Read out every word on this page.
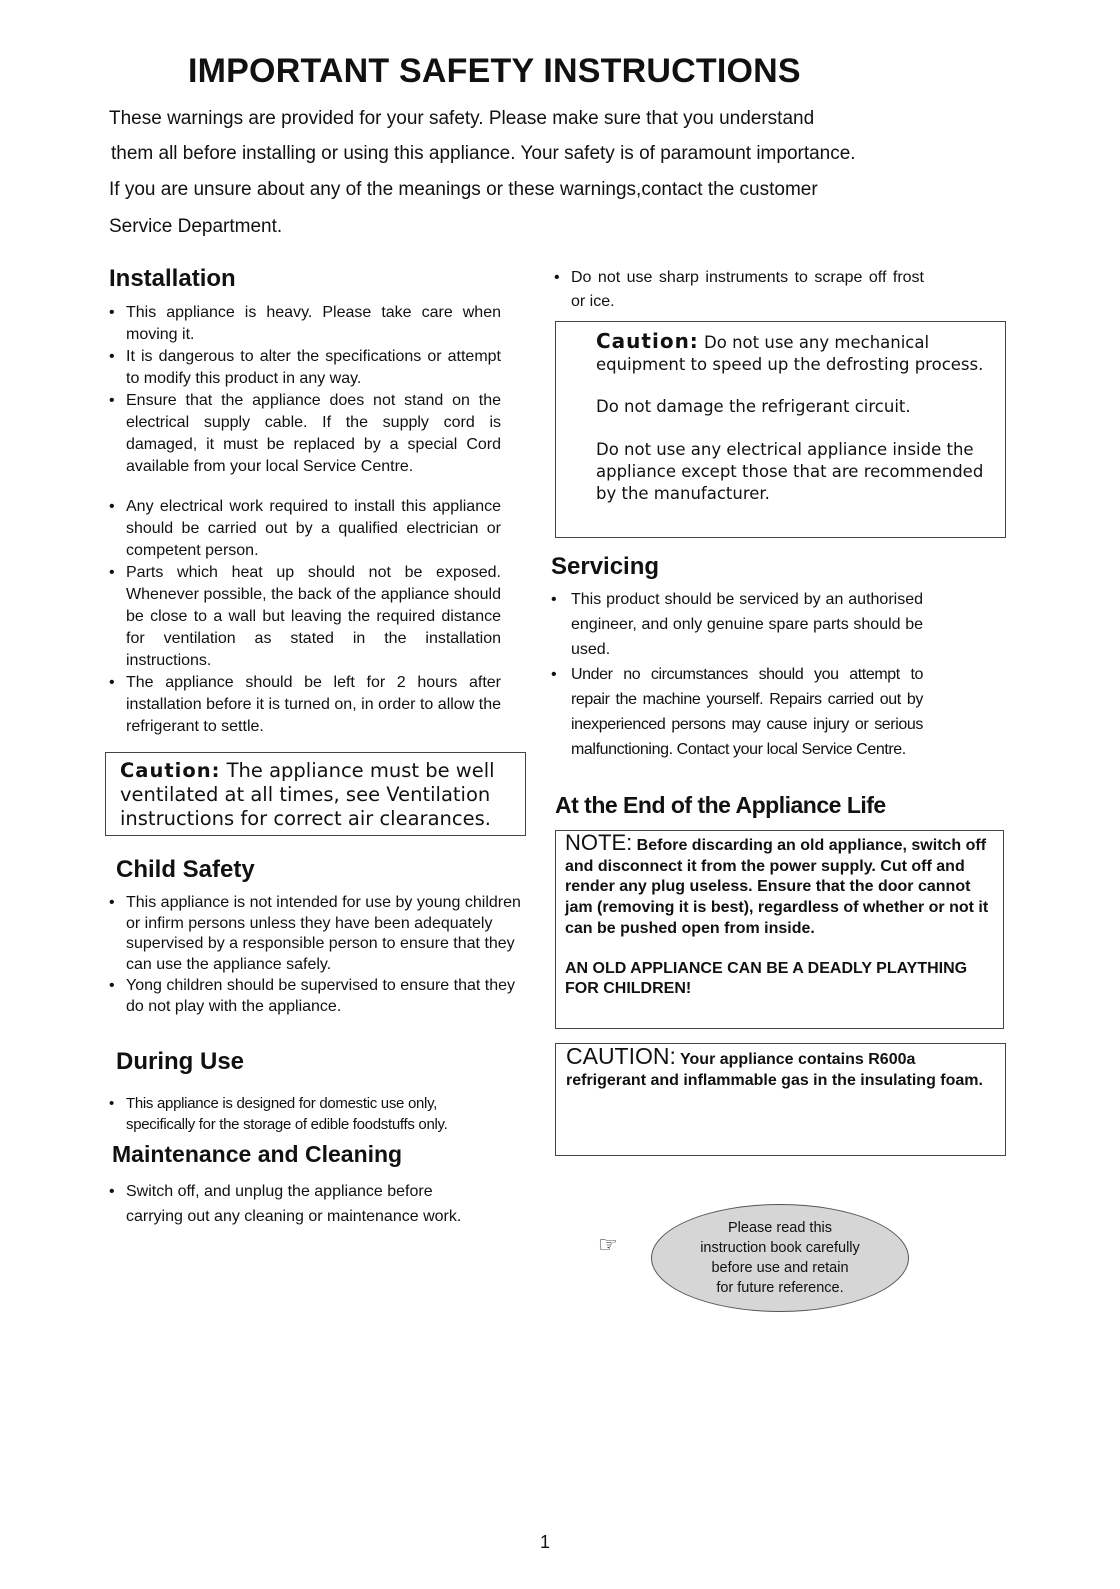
IMPORTANT SAFETY INSTRUCTIONS
These warnings are provided for your safety. Please make sure that you understand
them all before installing or using this appliance. Your safety is of paramount importance.
If you are unsure about any of the meanings or these warnings,contact the customer
Service Department.
Installation
• This appliance is heavy. Please take care when moving it.
• It is dangerous to alter the specifications or attempt to modify this product in any way.
• Ensure that the appliance does not stand on the electrical supply cable. If the supply cord is damaged, it must be replaced by a special Cord available from your local Service Centre.
• Any electrical work required to install this appliance should be carried out by a qualified electrician or competent person.
• Parts which heat up should not be exposed. Whenever possible, the back of the appliance should be close to a wall but leaving the required distance for ventilation as stated in the installation instructions.
• The appliance should be left for 2 hours after installation before it is turned on, in order to allow the refrigerant to settle.
Caution: The appliance must be well ventilated at all times, see Ventilation instructions for correct air clearances.
Child Safety
• This appliance is not intended for use by young children or infirm persons unless they have been adequately supervised by a responsible person to ensure that they can use the appliance safely.
• Yong children should be supervised to ensure that they do not play with the appliance.
During Use
• This appliance is designed for domestic use only, specifically for the storage of edible foodstuffs only.
Maintenance and Cleaning
• Switch off, and unplug the appliance before carrying out any cleaning or maintenance work.
• Do not use sharp instruments to scrape off frost or ice.
Caution: Do not use any mechanical equipment to speed up the defrosting process.
Do not damage the refrigerant circuit.
Do not use any electrical appliance inside the appliance except those that are recommended by the manufacturer.
Servicing
• This product should be serviced by an authorised engineer, and only genuine spare parts should be used.
• Under no circumstances should you attempt to repair the machine yourself. Repairs carried out by inexperienced persons may cause injury or serious malfunctioning. Contact your local Service Centre.
At the End of the Appliance Life
NOTE: Before discarding an old appliance, switch off and disconnect it from the power supply. Cut off and render any plug useless. Ensure that the door cannot jam (removing it is best), regardless of whether or not it can be pushed open from inside.
AN OLD APPLIANCE CAN BE A DEADLY PLAYTHING FOR CHILDREN!
CAUTION: Your appliance contains R600a refrigerant and inflammable gas in the insulating foam.
☞
Please read this
instruction book carefully
before use and retain
for future reference.
1
